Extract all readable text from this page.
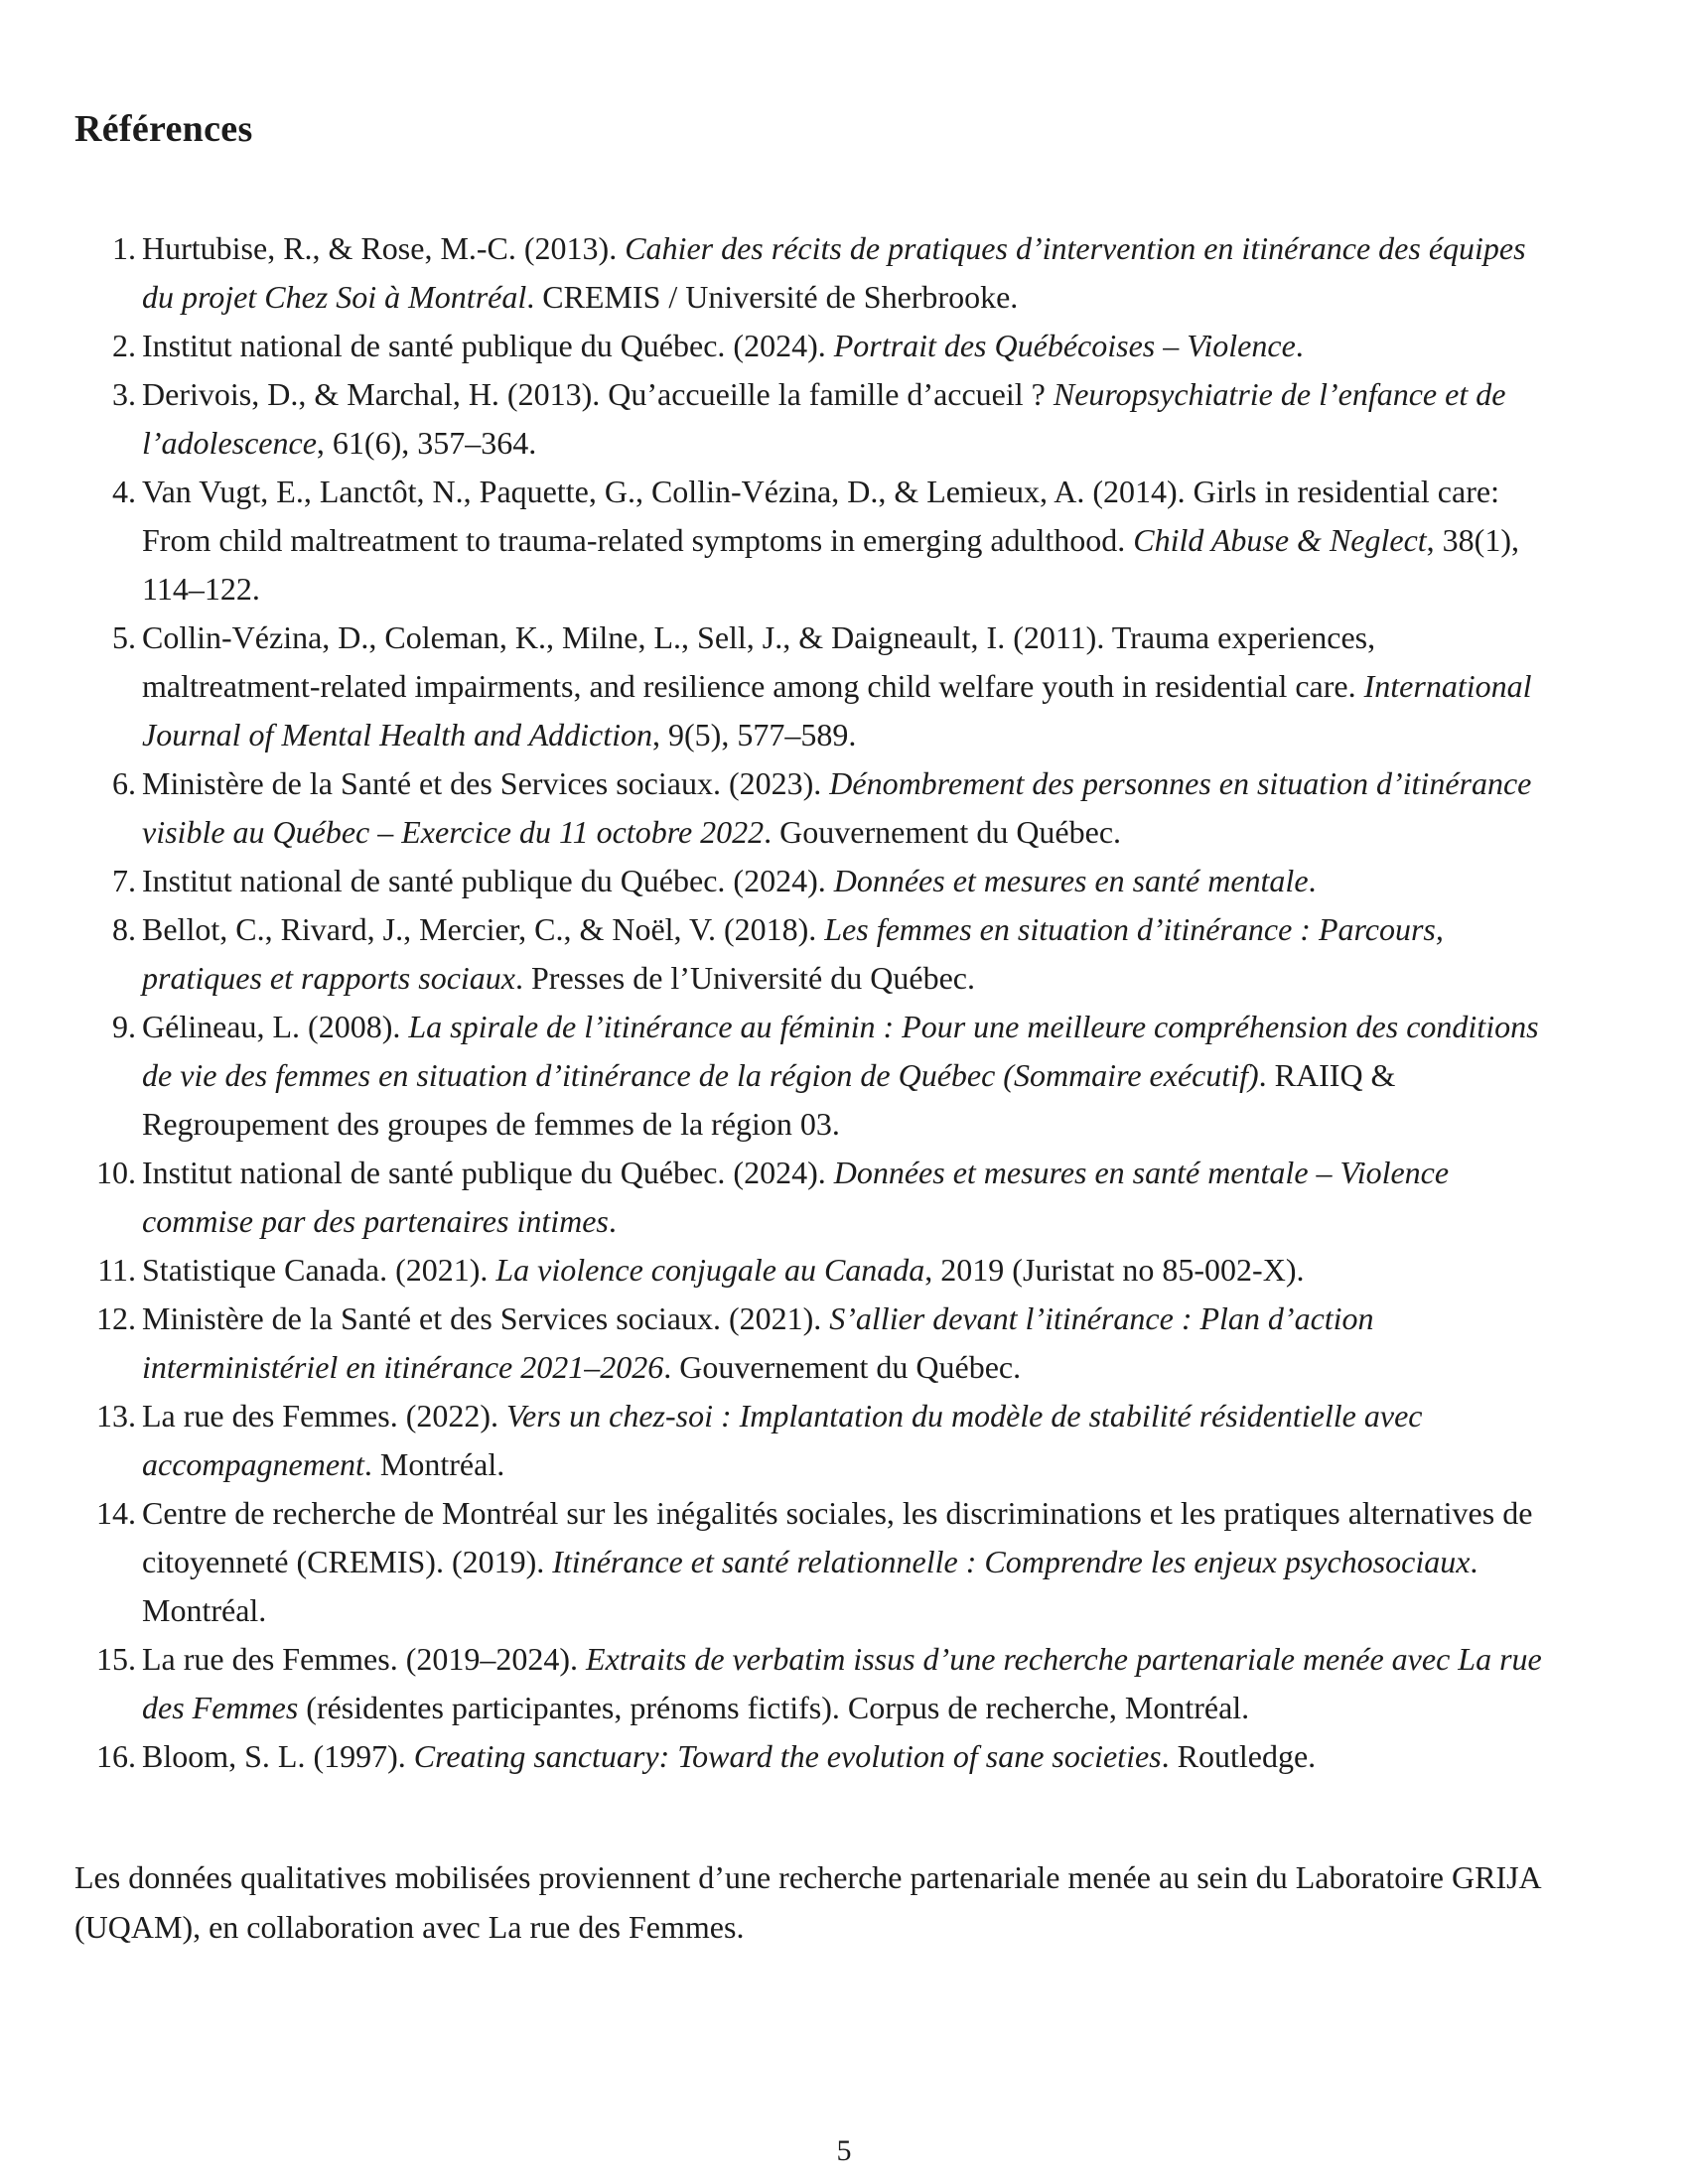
Références
1. Hurtubise, R., & Rose, M.-C. (2013). Cahier des récits de pratiques d’intervention en itinérance des équipes du projet Chez Soi à Montréal. CREMIS / Université de Sherbrooke.
2. Institut national de santé publique du Québec. (2024). Portrait des Québécoises – Violence.
3. Derivois, D., & Marchal, H. (2013). Qu’accueille la famille d’accueil ? Neuropsychiatrie de l’enfance et de l’adolescence, 61(6), 357–364.
4. Van Vugt, E., Lanctôt, N., Paquette, G., Collin-Vézina, D., & Lemieux, A. (2014). Girls in residential care: From child maltreatment to trauma-related symptoms in emerging adulthood. Child Abuse & Neglect, 38(1), 114–122.
5. Collin-Vézina, D., Coleman, K., Milne, L., Sell, J., & Daigneault, I. (2011). Trauma experiences, maltreatment-related impairments, and resilience among child welfare youth in residential care. International Journal of Mental Health and Addiction, 9(5), 577–589.
6. Ministère de la Santé et des Services sociaux. (2023). Dénombrement des personnes en situation d’itinérance visible au Québec – Exercice du 11 octobre 2022. Gouvernement du Québec.
7. Institut national de santé publique du Québec. (2024). Données et mesures en santé mentale.
8. Bellot, C., Rivard, J., Mercier, C., & Noël, V. (2018). Les femmes en situation d’itinérance : Parcours, pratiques et rapports sociaux. Presses de l’Université du Québec.
9. Gélineau, L. (2008). La spirale de l’itinérance au féminin : Pour une meilleure compréhension des conditions de vie des femmes en situation d’itinérance de la région de Québec (Sommaire exécutif). RAIIQ & Regroupement des groupes de femmes de la région 03.
10. Institut national de santé publique du Québec. (2024). Données et mesures en santé mentale – Violence commise par des partenaires intimes.
11. Statistique Canada. (2021). La violence conjugale au Canada, 2019 (Juristat no 85-002-X).
12. Ministère de la Santé et des Services sociaux. (2021). S’allier devant l’itinérance : Plan d’action interministériel en itinérance 2021–2026. Gouvernement du Québec.
13. La rue des Femmes. (2022). Vers un chez-soi : Implantation du modèle de stabilité résidentielle avec accompagnement. Montréal.
14. Centre de recherche de Montréal sur les inégalités sociales, les discriminations et les pratiques alternatives de citoyenneté (CREMIS). (2019). Itinérance et santé relationnelle : Comprendre les enjeux psychosociaux. Montréal.
15. La rue des Femmes. (2019–2024). Extraits de verbatim issus d’une recherche partenariale menée avec La rue des Femmes (résidentes participantes, prénoms fictifs). Corpus de recherche, Montréal.
16. Bloom, S. L. (1997). Creating sanctuary: Toward the evolution of sane societies. Routledge.

Les données qualitatives mobilisées proviennent d’une recherche partenariale menée au sein du Laboratoire GRIJA (UQAM), en collaboration avec La rue des Femmes.

5
